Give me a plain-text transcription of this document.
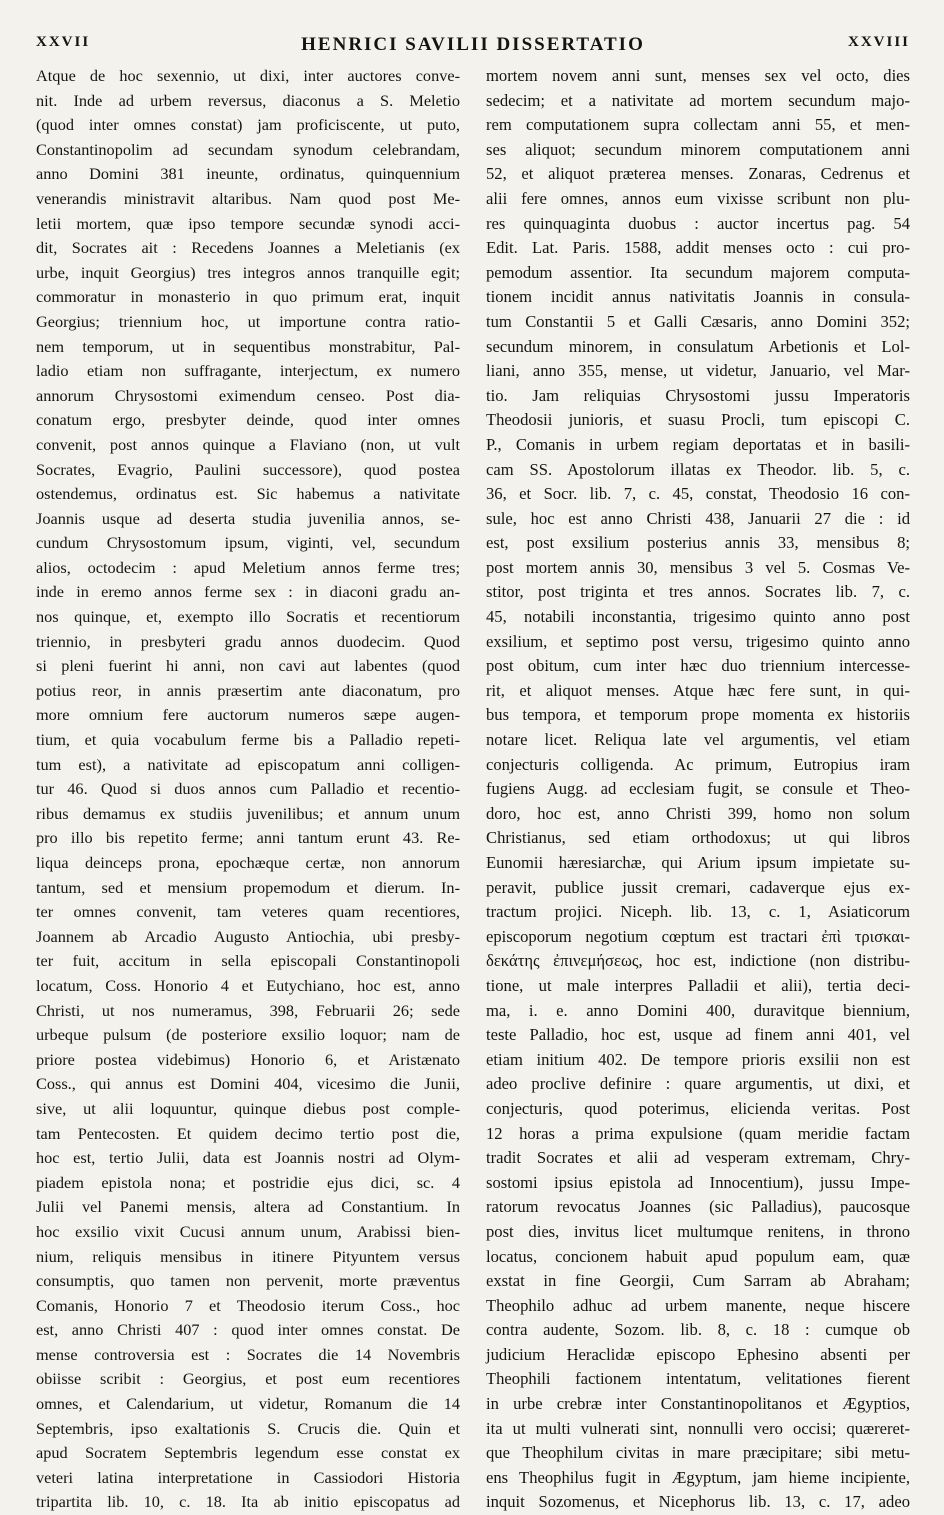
XXVII	HENRICI SAVILII DISSERTATIO	XXVIII
Atque de hoc sexennio, ut dixi, inter auctores conve-
nit. Inde ad urbem reversus, diaconus a S. Meletio
(quod inter omnes constat) jam proficiscente, ut puto,
Constantinopolim ad secundam synodum celebrandam,
anno Domini 381 ineunte, ordinatus, quinquennium
venerandis ministravit altaribus. Nam quod post Me-
letii mortem, quæ ipso tempore secundæ synodi acci-
dit, Socrates ait : Recedens Joannes a Meletianis (ex
urbe, inquit Georgius) tres integros annos tranquille egit;
commoratur in monasterio in quo primum erat, inquit
Georgius; triennium hoc, ut importune contra ratio-
nem temporum, ut in sequentibus monstrabitur, Pal-
ladio etiam non suffragante, interjectum, ex numero
annorum Chrysostomi eximendum censeo. Post dia-
conatum ergo, presbyter deinde, quod inter omnes
convenit, post annos quinque a Flaviano (non, ut vult
Socrates, Evagrio, Paulini successore), quod postea
ostendemus, ordinatus est. Sic habemus a nativitate
Joannis usque ad deserta studia juvenilia annos, se-
cundum Chrysostomum ipsum, viginti, vel, secundum
alios, octodecim : apud Meletium annos ferme tres;
inde in eremo annos ferme sex : in diaconi gradu an-
nos quinque, et, exempto illo Socratis et recentiorum
triennio, in presbyteri gradu annos duodecim. Quod
si pleni fuerint hi anni, non cavi aut labentes (quod
potius reor, in annis præsertim ante diaconatum, pro
more omnium fere auctorum numeros sæpe augen-
tium, et quia vocabulum ferme bis a Palladio repeti-
tum est), a nativitate ad episcopatum anni colligen-
tur 46. Quod si duos annos cum Palladio et recentio-
ribus demamus ex studiis juvenilibus; et annum unum
pro illo bis repetito ferme; anni tantum erunt 43. Re-
liqua deinceps prona, epochæque certæ, non annorum
tantum, sed et mensium propemodum et dierum. In-
ter omnes convenit, tam veteres quam recentiores,
Joannem ab Arcadio Augusto Antiochia, ubi presby-
ter fuit, accitum in sella episcopali Constantinopoli
locatum, Coss. Honorio 4 et Eutychiano, hoc est, anno
Christi, ut nos numeramus, 398, Februarii 26; sede
urbeque pulsum (de posteriore exsilio loquor; nam de
priore postea videbimus) Honorio 6, et Aristænato
Coss., qui annus est Domini 404, vicesimo die Junii,
sive, ut alii loquuntur, quinque diebus post comple-
tam Pentecosten. Et quidem decimo tertio post die,
hoc est, tertio Julii, data est Joannis nostri ad Olym-
piadem epistola nona; et postridie ejus dici, sc. 4
Julii vel Panemi mensis, altera ad Constantium. In
hoc exsilio vixit Cucusi annum unum, Arabissi bien-
nium, reliquis mensibus in itinere Pityuntem versus
consumptis, quo tamen non pervenit, morte præventus
Comanis, Honorio 7 et Theodosio iterum Coss., hoc
est, anno Christi 407 : quod inter omnes constat. De
mense controversia est : Socrates die 14 Novembris
obiisse scribit : Georgius, et post eum recentiores
omnes, et Calendarium, ut videtur, Romanum die 14
Septembris, ipso exaltationis S. Crucis die. Quin et
apud Socratem Septembris legendum esse constat ex
veteri latina interpretatione in Cassiodori Historia
tripartita lib. 10, c. 18. Ita ab initio episcopatus ad
mortem novem anni sunt, menses sex vel octo, dies
sedecim; et a nativitate ad mortem secundum majo-
rem computationem supra collectam anni 55, et men-
ses aliquot; secundum minorem computationem anni
52, et aliquot præterea menses. Zonaras, Cedrenus et
alii fere omnes, annos eum vixisse scribunt non plu-
res quinquaginta duobus : auctor incertus pag. 54
Edit. Lat. Paris. 1588, addit menses octo : cui pro-
pemodum assentior. Ita secundum majorem computa-
tionem incidit annus nativitatis Joannis in consula-
tum Constantii 5 et Galli Cæsaris, anno Domini 352;
secundum minorem, in consulatum Arbetionis et Lol-
liani, anno 355, mense, ut videtur, Januario, vel Mar-
tio. Jam reliquias Chrysostomi jussu Imperatoris
Theodosii junioris, et suasu Procli, tum episcopi C.
P., Comanis in urbem regiam deportatas et in basili-
cam SS. Apostolorum illatas ex Theodor. lib. 5, c.
36, et Socr. lib. 7, c. 45, constat, Theodosio 16 con-
sule, hoc est anno Christi 438, Januarii 27 die : id
est, post exsilium posterius annis 33, mensibus 8;
post mortem annis 30, mensibus 3 vel 5. Cosmas Ve-
stitor, post triginta et tres annos. Socrates lib. 7, c.
45, notabili inconstantia, trigesimo quinto anno post
exsilium, et septimo post versu, trigesimo quinto anno
post obitum, cum inter hæc duo triennium intercesse-
rit, et aliquot menses. Atque hæc fere sunt, in qui-
bus tempora, et temporum prope momenta ex historiis
notare licet. Reliqua late vel argumentis, vel etiam
conjecturis colligenda. Ac primum, Eutropius iram
fugiens Augg. ad ecclesiam fugit, se consule et Theo-
doro, hoc est, anno Christi 399, homo non solum
Christianus, sed etiam orthodoxus; ut qui libros
Eunomii hæresiarchæ, qui Arium ipsum impietate su-
peravit, publice jussit cremari, cadaverque ejus ex-
tractum projici. Niceph. lib. 13, c. 1, Asiaticorum
episcoporum negotium cœptum est tractari ἐπὶ τρισκαι-
δεκάτης ἐπινεμήσεως, hoc est, indictione (non distribu-
tione, ut male interpres Palladii et alii), tertia deci-
ma, i. e. anno Domini 400, duravitque biennium,
teste Palladio, hoc est, usque ad finem anni 401, vel
etiam initium 402. De tempore prioris exsilii non est
adeo proclive definire : quare argumentis, ut dixi, et
conjecturis, quod poterimus, elicienda veritas. Post
12 horas a prima expulsione (quam meridie factam
tradit Socrates et alii ad vesperam extremam, Chry-
sostomi ipsius epistola ad Innocentium), jussu Impe-
ratorum revocatus Joannes (sic Palladius), paucosque
post dies, invitus licet multumque renitens, in throno
locatus, concionem habuit apud populum eam, quæ
exstat in fine Georgii, Cum Sarram ab Abraham;
Theophilo adhuc ad urbem manente, neque hiscere
contra audente, Sozom. lib. 8, c. 18 : cumque ob
judicium Heraclidæ episcopo Ephesino absenti per
Theophili factionem intentatum, velitationes fierent
in urbe crebræ inter Constantinopolitanos et Ægyptios,
ita ut multi vulnerati sint, nonnulli vero occisi; quæreret-
que Theophilum civitas in mare præcipitare; sibi metu-
ens Theophilus fugit in Ægyptum, jam hieme incipiente,
inquit Sozomenus, et Nicephorus lib. 13, c. 17, adeo
